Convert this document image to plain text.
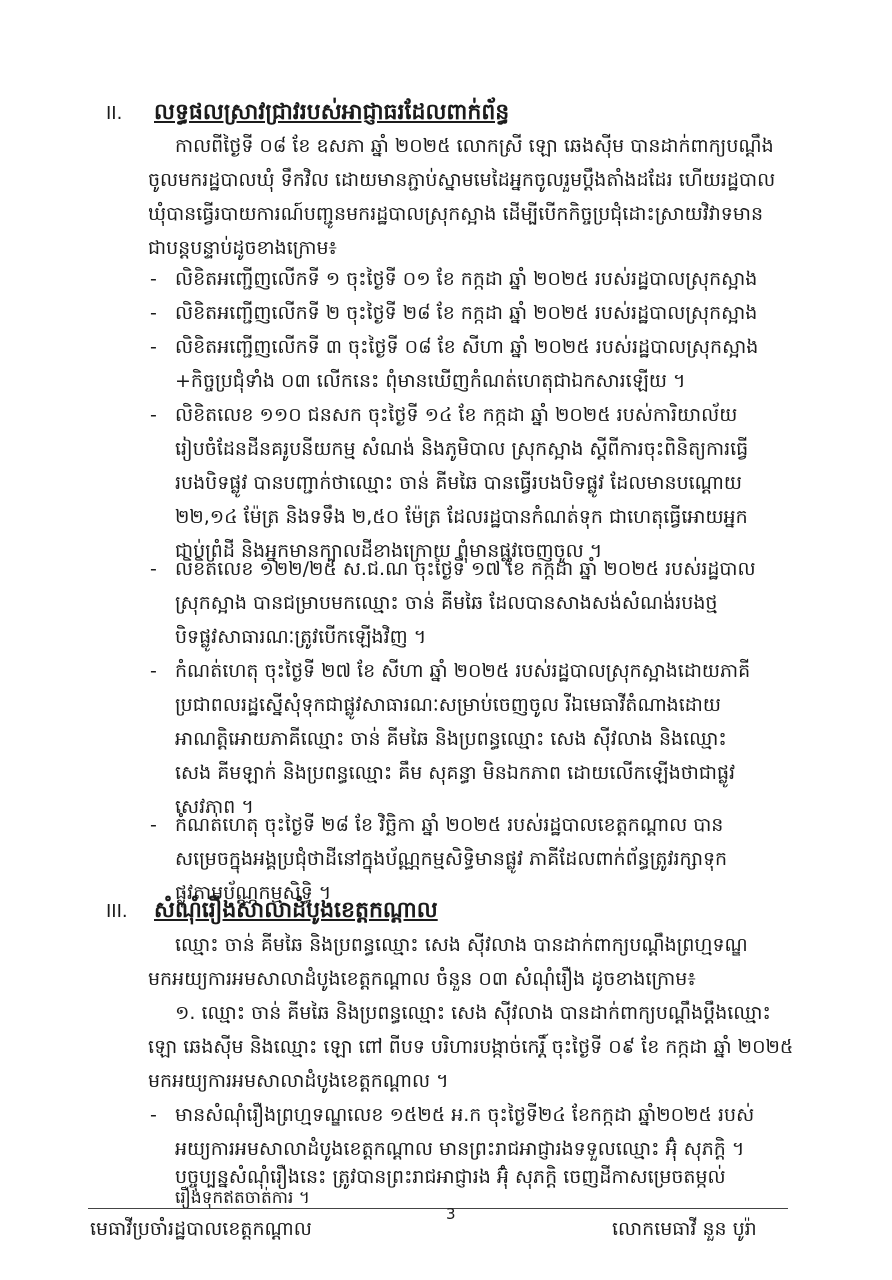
II. លទ្ធផលស្រាវជ្រាវរបស់អាជ្ញាធរដែលពាក់ព័ន្ធ
កាលពីថ្ងៃទី ០៨ ខែ ឧសភា ឆ្នាំ ២០២៥ លោកស្រី ឡោ ឆេងស៊ីម បានដាក់ពាក្យបណ្តឹង
ចូលមករដ្ឋបាលឃុំ ទឹកវិល ដោយមានភ្ជាប់ស្នាមមេដៃអ្នកចូលរួមប្ដឹងតាំងដដែរ ហើយរដ្ឋបាល
ឃុំបានធ្វើរបាយការណ៍បញ្ជូនមករដ្ឋបាលស្រុកស្អាង ដើម្បីបើកកិច្ចប្រជុំដោះស្រាយវិវាទមាន
ជាបន្តបន្ទាប់ដូចខាងក្រោម៖
- លិខិតអញ្ជើញលើកទី ១ ចុះថ្ងៃទី ០១ ខែ កក្កដា ឆ្នាំ ២០២៥ របស់រដ្ឋបាលស្រុកស្អាង
- លិខិតអញ្ជើញលើកទី ២ ចុះថ្ងៃទី ២៨ ខែ កក្កដា ឆ្នាំ ២០២៥ របស់រដ្ឋបាលស្រុកស្អាង
- លិខិតអញ្ជើញលើកទី ៣ ចុះថ្ងៃទី ០៨ ខែ សីហា ឆ្នាំ ២០២៥ របស់រដ្ឋបាលស្រុកស្អាង
+កិច្ចប្រជុំទាំង ០៣ លើកនេះ ពុំមានឃើញកំណត់ហេតុជាឯកសារឡើយ ។
- លិខិតលេខ ១១០ ជនសក ចុះថ្ងៃទី ១៤ ខែ កក្កដា ឆ្នាំ ២០២៥ របស់ការិយាល័យ
រៀបចំដែនដីនគរូបនីយកម្ម សំណង់ និងភូមិបាល ស្រុកស្អាង ស្ដីពីការចុះពិនិត្យការធ្វើ
របងបិទផ្លូវ បានបញ្ជាក់ថាឈ្មោះ ចាន់ គីមឆៃ បានធ្វើរបងបិទផ្លូវ ដែលមានបណ្តោយ
២២,១៤ ម៉ែត្រ និងទទឹង ២,៥០ ម៉ែត្រ ដែលរដ្ឋបានកំណត់ទុក ជាហេតុធ្វើអោយអ្នក
ជាប់ព្រំដី និងអ្នកមានក្បាលដីខាងក្រោយ ពុំមានផ្លូវចេញចូល ។
- លិខិតលេខ ១២២/២៥ ស.ជ.ណ ចុះថ្ងៃទី ១៧ ខែ កក្កដា ឆ្នាំ ២០២៥ របស់រដ្ឋបាល
ស្រុកស្អាង បានជម្រាបមកឈ្មោះ ចាន់ គីមឆៃ ដែលបានសាងសង់សំណង់របងថ្ម
បិទផ្លូវសាធារណៈត្រូវបើកឡើងវិញ ។
- កំណត់ហេតុ ចុះថ្ងៃទី ២៧ ខែ សីហា ឆ្នាំ ២០២៥ របស់រដ្ឋបាលស្រុកស្អាងដោយភាគី
ប្រជាពលរដ្ឋស្នើសុំទុកជាផ្លូវសាធារណៈសម្រាប់ចេញចូល រីឯមេធាវីតំណាងដោយ
អាណត្តិអោយភាគីឈ្មោះ ចាន់ គីមឆៃ និងប្រពន្ធឈ្មោះ សេង ស៊ីវលាង និងឈ្មោះ
សេង គីមឡាក់ និងប្រពន្ធឈ្មោះ គឹម សុគន្ធា មិនឯកភាព ដោយលើកឡើងថាជាផ្លូវ
សេវភាព ។
- កំណត់ហេតុ ចុះថ្ងៃទី ២៨ ខែ វិច្ឆិកា ឆ្នាំ ២០២៥ របស់រដ្ឋបាលខេត្តកណ្តាល បាន
សម្រេចក្នុងអង្គប្រជុំថាដីនៅក្នុងប័ណ្ណកម្មសិទ្ធិមានផ្លូវ ភាគីដែលពាក់ព័ន្ធត្រូវរក្សាទុក
ផ្លូវតាមប័ណ្ណកម្មសិទ្ធិ ។
III. សំណុំរឿងសាលាដំបូងខេត្តកណ្តាល
ឈ្មោះ ចាន់ គីមឆៃ និងប្រពន្ធឈ្មោះ សេង ស៊ីវលាង បានដាក់ពាក្យបណ្តឹងព្រហ្មទណ្ឌ
មកអយ្យការអមសាលាដំបូងខេត្តកណ្តាល ចំនួន ០៣ សំណុំរឿង ដូចខាងក្រោម៖
១. ឈ្មោះ ចាន់ គីមឆៃ និងប្រពន្ធឈ្មោះ សេង ស៊ីវលាង បានដាក់ពាក្យបណ្តឹងប្ដឹងឈ្មោះ
ឡោ ឆេងស៊ីម និងឈ្មោះ ឡោ ពៅ ពីបទ បរិហារបង្កាច់កេរ្តិ៍ ចុះថ្ងៃទី ០៩ ខែ កក្កដា ឆ្នាំ ២០២៥
មកអយ្យការអមសាលាដំបូងខេត្តកណ្តាល ។
- មានសំណុំរឿងព្រហ្មទណ្ឌលេខ ១៥២៥ អ.ក ចុះថ្ងៃទី២៤ ខែកក្កដា ឆ្នាំ២០២៥ របស់
អយ្យការអមសាលាដំបូងខេត្តកណ្តាល មានព្រះរាជអាជ្ញារងទទួលឈ្មោះ អ៊ុំ សុភក្តិ ។
បច្ចុប្បន្នសំណុំរឿងនេះ ត្រូវបានព្រះរាជអាជ្ញារង អ៊ុំ សុភក្តិ ចេញដីកាសម្រេចតម្កល់
រឿងទុកឥតចាត់ការ ។
មេធាវីប្រចាំរដ្ឋបាលខេត្តកណ្តាល
3
លោកមេធាវី នួន បូរ៉ា
